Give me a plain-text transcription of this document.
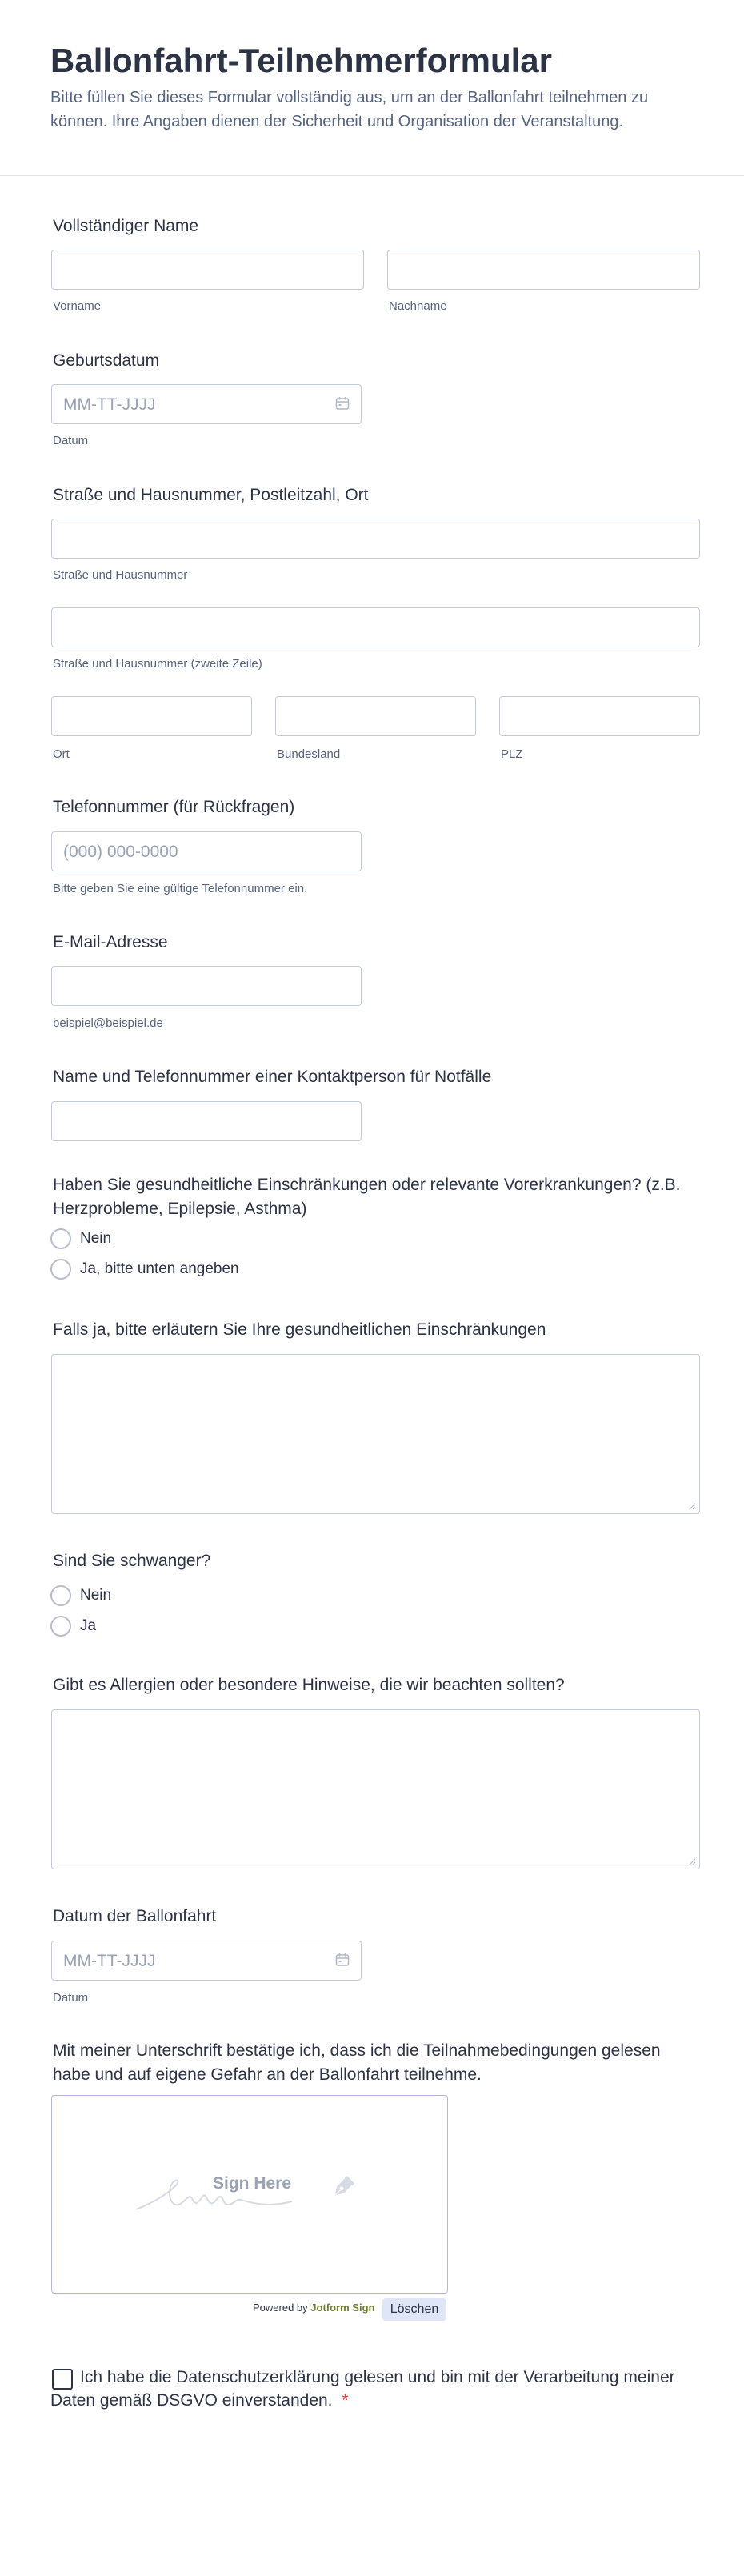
Ballonfahrt-Teilnehmerformular

Bitte füllen Sie dieses Formular vollständig aus, um an der Ballonfahrt teilnehmen zu können. Ihre Angaben dienen der Sicherheit und Organisation der Veranstaltung.

Vollständiger Name
Vorname	Nachname
Geburtsdatum
MM-TT-JJJJ
Datum
Straße und Hausnummer, Postleitzahl, Ort
Straße und Hausnummer
Straße und Hausnummer (zweite Zeile)
Ort	Bundesland	PLZ
Telefonnummer (für Rückfragen)
(000) 000-0000
Bitte geben Sie eine gültige Telefonnummer ein.
E-Mail-Adresse
beispiel@beispiel.de
Name und Telefonnummer einer Kontaktperson für Notfälle
Haben Sie gesundheitliche Einschränkungen oder relevante Vorerkrankungen? (z.B. Herzprobleme, Epilepsie, Asthma)
Nein
Ja, bitte unten angeben
Falls ja, bitte erläutern Sie Ihre gesundheitlichen Einschränkungen
Sind Sie schwanger?
Nein
Ja
Gibt es Allergien oder besondere Hinweise, die wir beachten sollten?
Datum der Ballonfahrt
MM-TT-JJJJ
Datum
Mit meiner Unterschrift bestätige ich, dass ich die Teilnahmebedingungen gelesen habe und auf eigene Gefahr an der Ballonfahrt teilnehme.
Sign Here
Powered by Jotform Sign	Löschen
Ich habe die Datenschutzerklärung gelesen und bin mit der Verarbeitung meiner Daten gemäß DSGVO einverstanden. *
